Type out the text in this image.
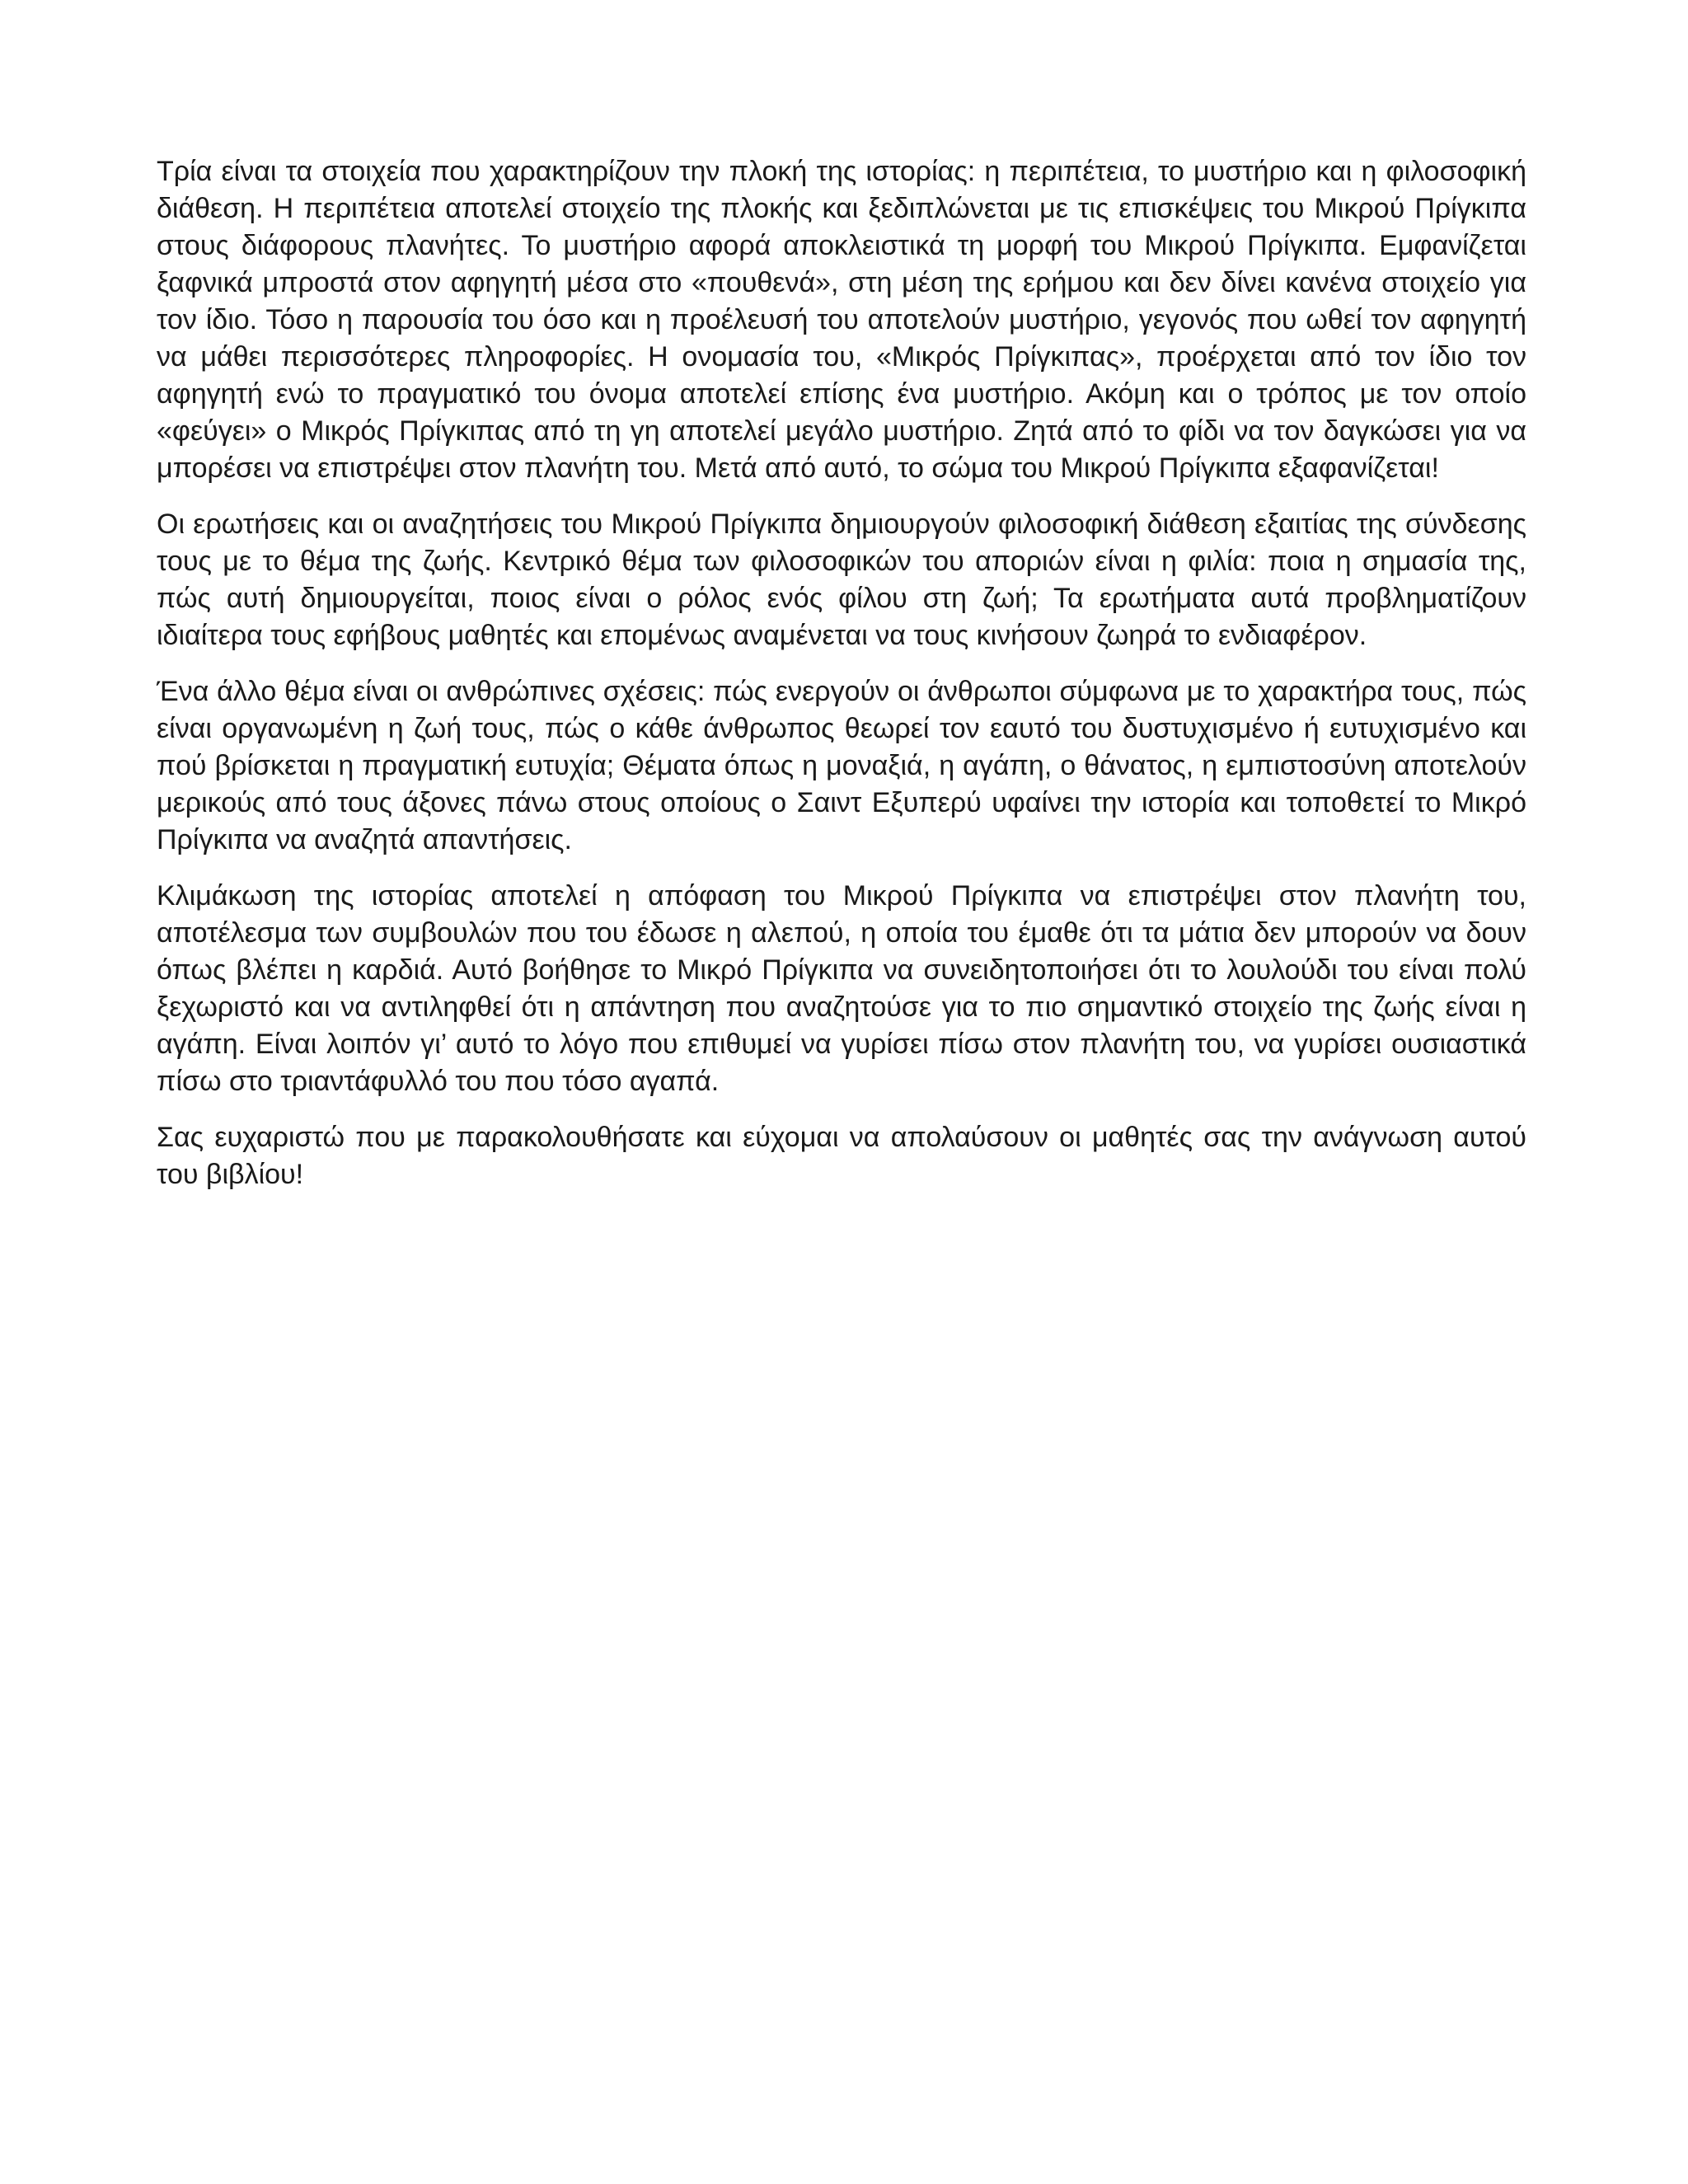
Τρία είναι τα στοιχεία που χαρακτηρίζουν την πλοκή της ιστορίας: η περιπέτεια, το μυστήριο και η φιλοσοφική διάθεση. Η περιπέτεια αποτελεί στοιχείο της πλοκής και ξεδιπλώνεται με τις επισκέψεις του Μικρού Πρίγκιπα στους διάφορους πλανήτες. Το μυστήριο αφορά αποκλειστικά τη μορφή του Μικρού Πρίγκιπα. Εμφανίζεται ξαφνικά μπροστά στον αφηγητή μέσα στο «πουθενά», στη μέση της ερήμου και δεν δίνει κανένα στοιχείο για τον ίδιο. Τόσο η παρουσία του όσο και η προέλευσή του αποτελούν μυστήριο, γεγονός που ωθεί τον αφηγητή να μάθει περισσότερες πληροφορίες. Η ονομασία του, «Μικρός Πρίγκιπας», προέρχεται από τον ίδιο τον αφηγητή ενώ το πραγματικό του όνομα αποτελεί επίσης ένα μυστήριο. Ακόμη και ο τρόπος με τον οποίο «φεύγει» ο Μικρός Πρίγκιπας από τη γη αποτελεί μεγάλο μυστήριο. Ζητά από το φίδι να τον δαγκώσει για να μπορέσει να επιστρέψει στον πλανήτη του. Μετά από αυτό, το σώμα του Μικρού Πρίγκιπα εξαφανίζεται!

Οι ερωτήσεις και οι αναζητήσεις του Μικρού Πρίγκιπα δημιουργούν φιλοσοφική διάθεση εξαιτίας της σύνδεσης τους με το θέμα της ζωής. Κεντρικό θέμα των φιλοσοφικών του αποριών είναι η φιλία: ποια η σημασία της, πώς αυτή δημιουργείται, ποιος είναι ο ρόλος ενός φίλου στη ζωή; Τα ερωτήματα αυτά προβληματίζουν ιδιαίτερα τους εφήβους μαθητές και επομένως αναμένεται να τους κινήσουν ζωηρά το ενδιαφέρον.

Ένα άλλο θέμα είναι οι ανθρώπινες σχέσεις: πώς ενεργούν οι άνθρωποι σύμφωνα με το χαρακτήρα τους, πώς είναι οργανωμένη η ζωή τους, πώς ο κάθε άνθρωπος θεωρεί τον εαυτό του δυστυχισμένο ή ευτυχισμένο και πού βρίσκεται η πραγματική ευτυχία; Θέματα όπως η μοναξιά, η αγάπη, ο θάνατος, η εμπιστοσύνη αποτελούν μερικούς από τους άξονες πάνω στους οποίους ο Σαιντ Εξυπερύ υφαίνει την ιστορία και τοποθετεί το Μικρό Πρίγκιπα να αναζητά απαντήσεις.

Κλιμάκωση της ιστορίας αποτελεί η απόφαση του Μικρού Πρίγκιπα να επιστρέψει στον πλανήτη του, αποτέλεσμα των συμβουλών που του έδωσε η αλεπού, η οποία του έμαθε ότι τα μάτια δεν μπορούν να δουν όπως βλέπει η καρδιά. Αυτό βοήθησε το Μικρό Πρίγκιπα να συνειδητοποιήσει ότι το λουλούδι του είναι πολύ ξεχωριστό και να αντιληφθεί ότι η απάντηση που αναζητούσε για το πιο σημαντικό στοιχείο της ζωής είναι η αγάπη. Είναι λοιπόν γι’ αυτό το λόγο που επιθυμεί να γυρίσει πίσω στον πλανήτη του, να γυρίσει ουσιαστικά πίσω στο τριαντάφυλλό του που τόσο αγαπά.

Σας ευχαριστώ που με παρακολουθήσατε και εύχομαι να απολαύσουν οι μαθητές σας την ανάγνωση αυτού του βιβλίου!
